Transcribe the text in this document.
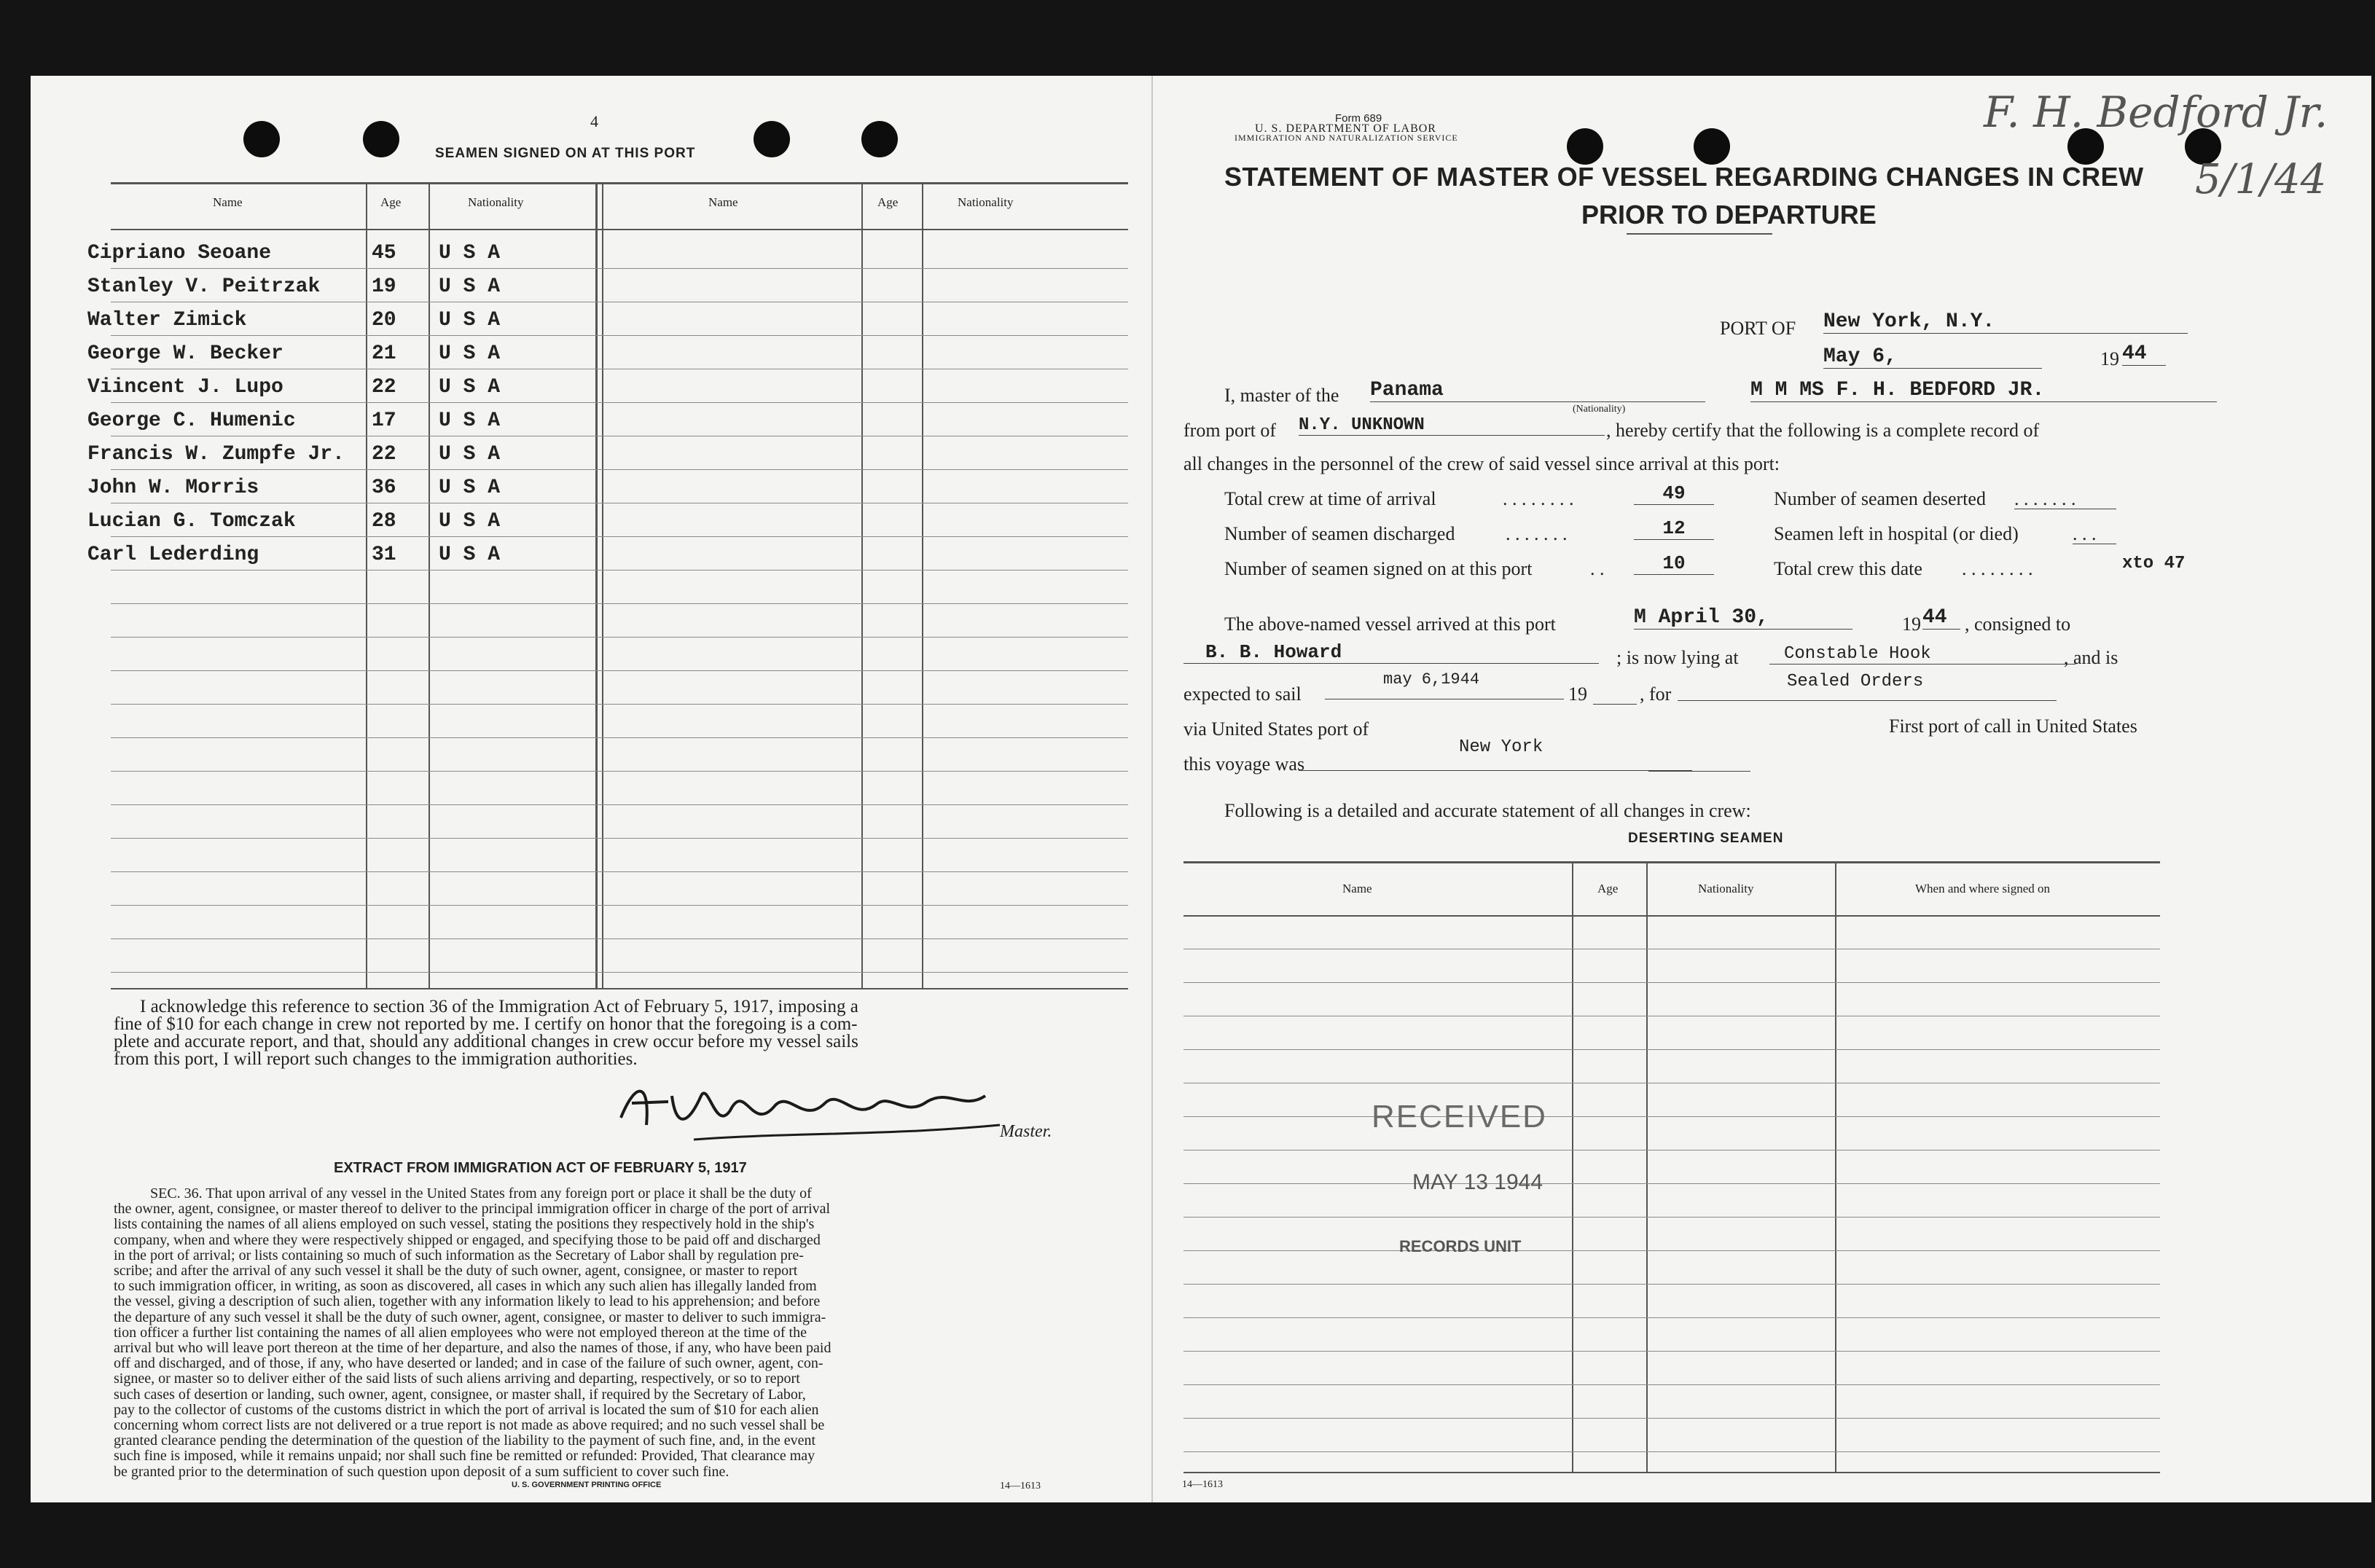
4
SEAMEN SIGNED ON AT THIS PORT
Name	Age	Nationality	Name	Age	Nationality
Cipriano Seoane	45 U S A
Stanley V. Peitrzak	19 U S A
Walter Zimick	20 U S A
George W. Becker	21 U S A
Viincent J. Lupo	22 U S A
George C. Humenic	17 U S A
Francis W. Zumpfe Jr. 22 U S A
John W. Morris	36 U S A
Lucian G. Tomczak	28 U S A
Carl Lederding	31 U S A
I acknowledge this reference to section 36 of the Immigration Act of February 5, 1917, imposing a
fine of $10 for each change in crew not reported by me. I certify on honor that the foregoing is a com-
plete and accurate report, and that, should any additional changes in crew occur before my vessel sails
from this port, I will report such changes to the immigration authorities.
Master.
EXTRACT FROM IMMIGRATION ACT OF FEBRUARY 5, 1917
SEC. 36. That upon arrival of any vessel in the United States from any foreign port or place it shall be the duty of
the owner, agent, consignee, or master thereof to deliver to the principal immigration officer in charge of the port of arrival
lists containing the names of all aliens employed on such vessel, stating the positions they respectively hold in the ship's
company, when and where they were respectively shipped or engaged, and specifying those to be paid off and discharged
in the port of arrival; or lists containing so much of such information as the Secretary of Labor shall by regulation pre-
scribe; and after the arrival of any such vessel it shall be the duty of such owner, agent, consignee, or master to report
to such immigration officer, in writing, as soon as discovered, all cases in which any such alien has illegally landed from
the vessel, giving a description of such alien, together with any information likely to lead to his apprehension; and before
the departure of any such vessel it shall be the duty of such owner, agent, consignee, or master to deliver to such immigra-
tion officer a further list containing the names of all alien employees who were not employed thereon at the time of the
arrival but who will leave port thereon at the time of her departure, and also the names of those, if any, who have been paid
off and discharged, and of those, if any, who have deserted or landed; and in case of the failure of such owner, agent, con-
signee, or master so to deliver either of the said lists of such aliens arriving and departing, respectively, or so to report
such cases of desertion or landing, such owner, agent, consignee, or master shall, if required by the Secretary of Labor,
pay to the collector of customs of the customs district in which the port of arrival is located the sum of $10 for each alien
concerning whom correct lists are not delivered or a true report is not made as above required; and no such vessel shall be
granted clearance pending the determination of the question of the liability to the payment of such fine, and, in the event
such fine is imposed, while it remains unpaid; nor shall such fine be remitted or refunded: Provided, That clearance may
be granted prior to the determination of such question upon deposit of a sum sufficient to cover such fine.
U. S. GOVERNMENT PRINTING OFFICE	14—1613
Form 689
U. S. DEPARTMENT OF LABOR
IMMIGRATION AND NATURALIZATION SERVICE
F. H. Bedford Jr.
5/1/44
STATEMENT OF MASTER OF VESSEL REGARDING CHANGES IN CREW
PRIOR TO DEPARTURE
PORT OF New York, N.Y.
May 6,	19 44
I, master of the Panama	M M MS F. H. BEDFORD JR.
(Nationality)
from port of N.Y. UNKNOWN	, hereby certify that the following is a complete record of
all changes in the personnel of the crew of said vessel since arrival at this port:
Total crew at time of arrival	. . . . . . . .	49	Number of seamen deserted . . . . . . .
Number of seamen discharged	. . . . . . .	12	Seamen left in hospital (or died)	. . .
Number of seamen signed on at this port	. .	10	Total crew this date . . . . . . . .	xto 47
The above-named vessel arrived at this port	M April 30,	19 44 , consigned to
B. B. Howard	; is now lying at	Constable Hook	, and is
expected to sail
may 6,1944
19	, for
Sealed Orders
via United States port of	First port of call in United States
this voyage was
New York
Following is a detailed and accurate statement of all changes in crew:
DESERTING SEAMEN
Name	Age	Nationality	When and where signed on
RECEIVED
MAY 13 1944
RECORDS UNIT
14—1613
